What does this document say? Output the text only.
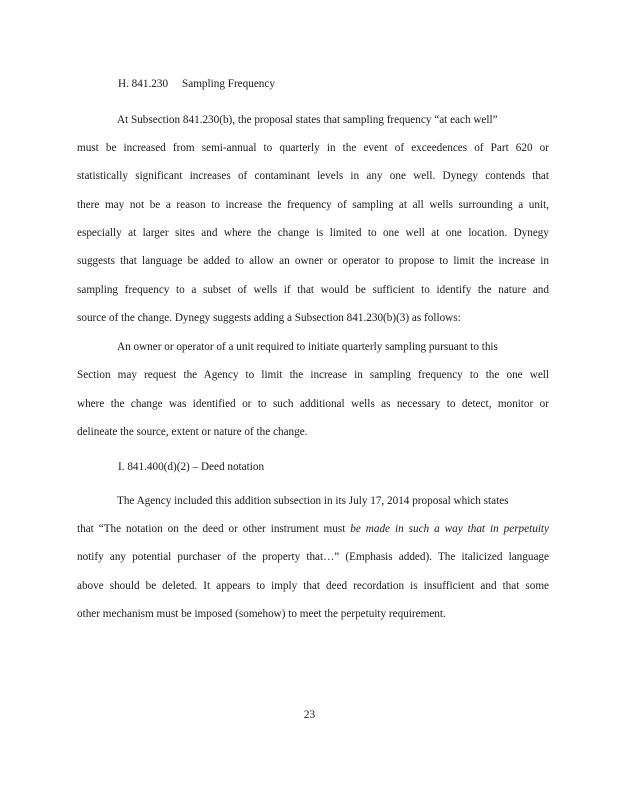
H. 841.230 Sampling Frequency
At Subsection 841.230(b), the proposal states that sampling frequency “at each well”
must be increased from semi-annual to quarterly in the event of exceedences of Part 620 or
statistically significant increases of contaminant levels in any one well. Dynegy contends that
there may not be a reason to increase the frequency of sampling at all wells surrounding a unit,
especially at larger sites and where the change is limited to one well at one location. Dynegy
suggests that language be added to allow an owner or operator to propose to limit the increase in
sampling frequency to a subset of wells if that would be sufficient to identify the nature and
source of the change. Dynegy suggests adding a Subsection 841.230(b)(3) as follows:
An owner or operator of a unit required to initiate quarterly sampling pursuant to this
Section may request the Agency to limit the increase in sampling frequency to the one well
where the change was identified or to such additional wells as necessary to detect, monitor or
delineate the source, extent or nature of the change.
I. 841.400(d)(2) – Deed notation
The Agency included this addition subsection in its July 17, 2014 proposal which states
that “The notation on the deed or other instrument must be made in such a way that in perpetuity
notify any potential purchaser of the property that…” (Emphasis added). The italicized language
above should be deleted. It appears to imply that deed recordation is insufficient and that some
other mechanism must be imposed (somehow) to meet the perpetuity requirement.
23
